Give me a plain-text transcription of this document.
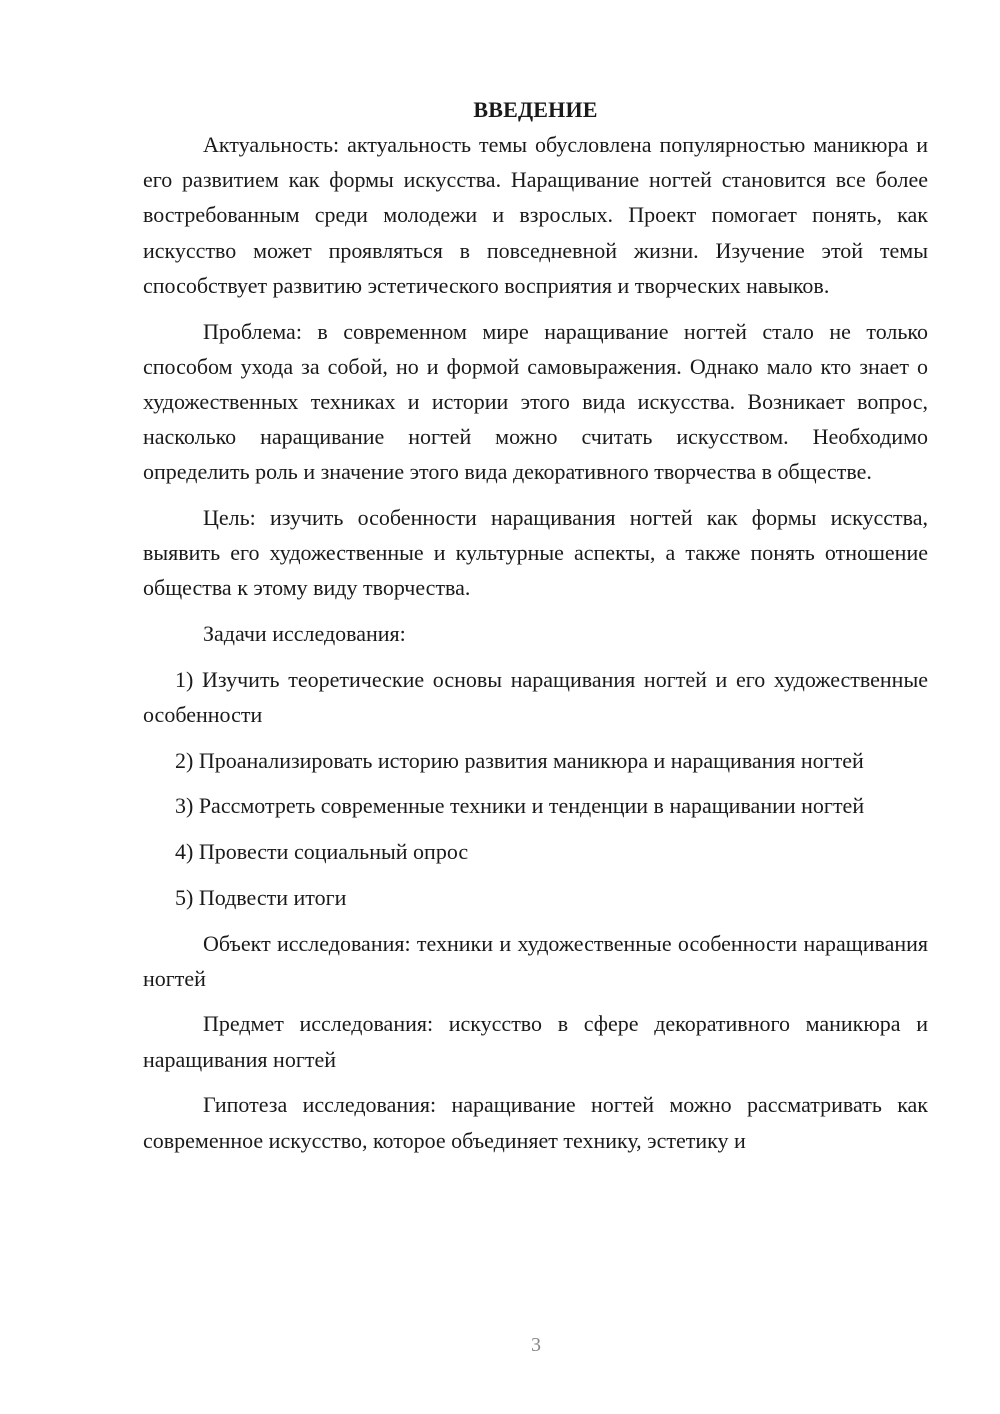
ВВЕДЕНИЕ

Актуальность: актуальность темы обусловлена популярностью маникюра и его развитием как формы искусства. Наращивание ногтей становится все более востребованным среди молодежи и взрослых. Проект помогает понять, как искусство может проявляться в повседневной жизни. Изучение этой темы способствует развитию эстетического восприятия и творческих навыков.

Проблема: в современном мире наращивание ногтей стало не только способом ухода за собой, но и формой самовыражения. Однако мало кто знает о художественных техниках и истории этого вида искусства. Возникает вопрос, насколько наращивание ногтей можно считать искусством. Необходимо определить роль и значение этого вида декоративного творчества в обществе.

Цель: изучить особенности наращивания ногтей как формы искусства, выявить его художественные и культурные аспекты, а также понять отношение общества к этому виду творчества.

Задачи исследования:

1) Изучить теоретические основы наращивания ногтей и его художественные особенности

2) Проанализировать историю развития маникюра и наращивания ногтей

3) Рассмотреть современные техники и тенденции в наращивании ногтей

4) Провести социальный опрос

5) Подвести итоги

Объект исследования: техники и художественные особенности наращивания ногтей

Предмет исследования: искусство в сфере декоративного маникюра и наращивания ногтей

Гипотеза исследования: наращивание ногтей можно рассматривать как современное искусство, которое объединяет технику, эстетику и

3
